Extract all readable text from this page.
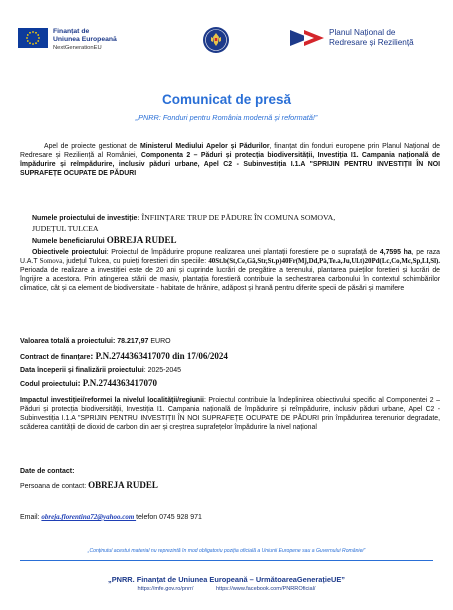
Finanțat de
Uniunea Europeană
NextGenerationEU
Planul Național de
Redresare și Reziliență
Comunicat de presă
„PNRR: Fonduri pentru România modernă și reformată!”
Apel de proiecte gestionat de Ministerul Mediului Apelor și Pădurilor, finanțat din fonduri europene prin Planul Național de Redresare și Reziliență al României, Componenta 2 – Păduri și protecția biodiversității, Investiția I1. Campania națională de împădurire și reîmpădurire, inclusiv păduri urbane, Apel C2 - Subinvestiția I.1.A "SPRIJIN PENTRU INVESTIȚII ÎN NOI SUPRAFEȚE OCUPATE DE PĂDURI
Numele proiectului de investiție: ÎNFIINȚARE TRUP DE PĂDURE ÎN COMUNA SOMOVA,
JUDEȚUL TULCEA
Numele beneficiarului OBREJA RUDEL
Obiectivele proiectului: Proiectul de împădurire propune realizarea unei plantații forestiere pe o suprafață de 4,7595 ha, pe raza U.A.T Somova, județul Tulcea, cu puieți forestieri din speciile: 40St.b(St,Ce,Gâ,Str,St.p)40Fr(Mj,Dd,Pà,Te.a,Ju,Ul.t)20Pd(Lc,Co,Mc,Sp,Ll,Sl). Perioada de realizare a investiției este de 20 ani și cuprinde lucrări de pregătire a terenului, plantarea puieților foretieri și lucrări de îngrijire a acestora. Prin atingerea stării de masiv, plantația forestieră contribuie la sechestrarea carbonului în contextul schimbărilor climatice, cât și ca element de biodiversitate - habitate de hrănire, adăpost și hrană pentru diferite specii de păsări și mamifere
Valoarea totală a proiectului: 78.217,97 EURO
Contract de finanțare: P.N.2744363417070 din 17/06/2024
Data începerii și finalizării proiectului: 2025-2045
Codul proiectului: P.N.2744363417070
Impactul investiției/reformei la nivelul localității/regiunii: Proiectul contribuie la îndeplinirea obiectivului specific al Componentei 2 – Păduri și protecția biodiversității, Investiția I1. Campania națională de împădurire și reîmpădurire, inclusiv păduri urbane, Apel C2 - Subinvestiția I.1.A "SPRIJIN PENTRU INVESTIȚII ÎN NOI SUPRAFEȚE OCUPATE DE PĂDURI prin împădurirea terenurior degradate, scăderea cantității de dioxid de carbon din aer și creștrea suprafețelor împădurire la nivel național
Date de contact:
Persoana de contact: OBREJA RUDEL
Email: obreja.florentina72@yahoo.com telefon 0745 928 971
„Conținutul acestui material nu reprezintă în mod obligatoriu poziția oficială a Uniunii Europene sau a Guvernului României”
„PNRR. Finanțat de Uniunea Europeană – UrmătoareaGenerațieUE”
https://mfe.gov.ro/pnrr/	https://www.facebook.com/PNRROficial/
